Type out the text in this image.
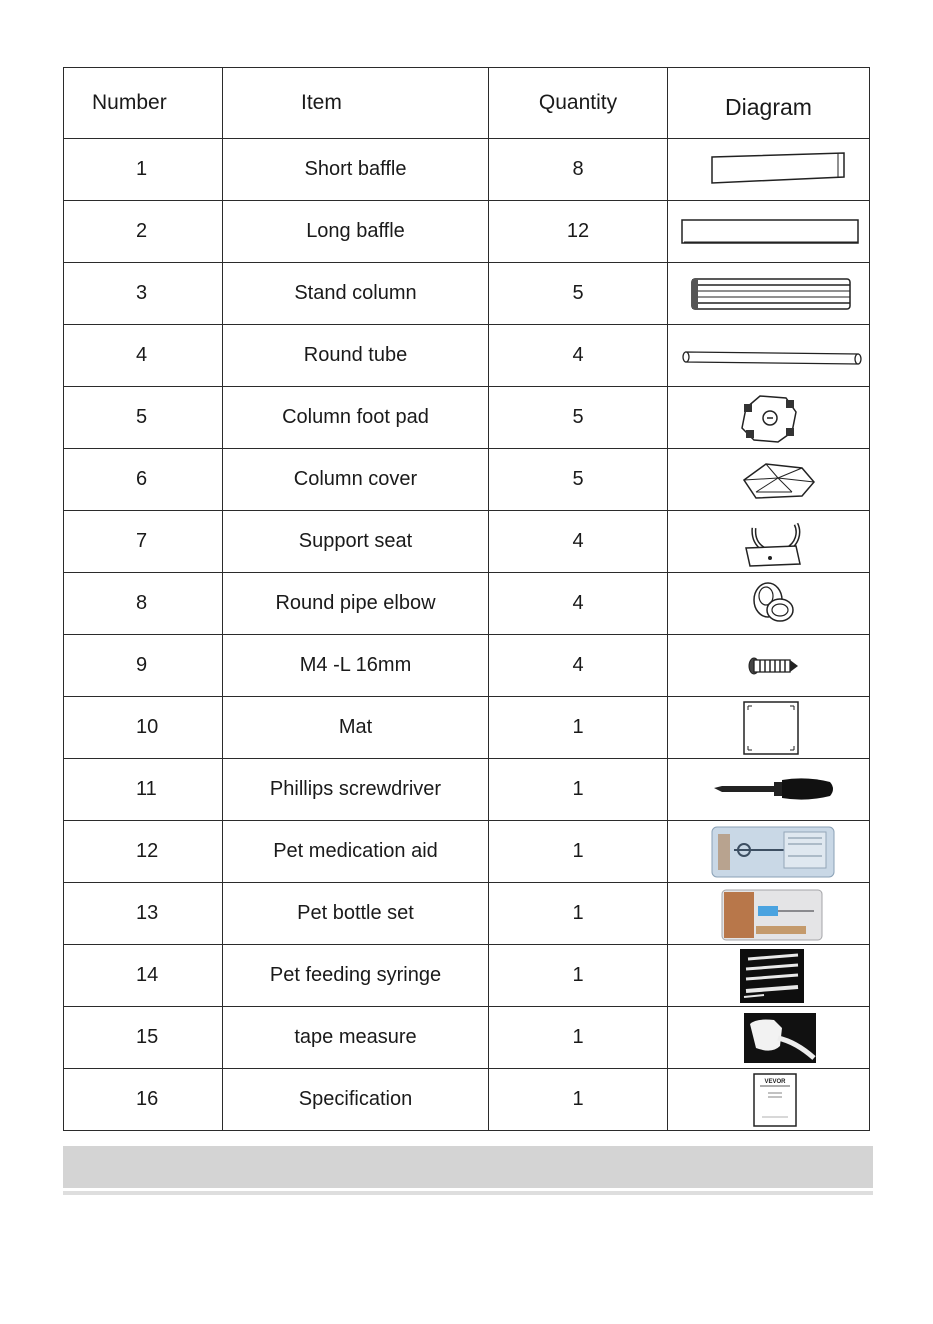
Number	Item	Quantity	Diagram
1	Short baffle	8	

2	Long baffle	12	

3	Stand column	5	

4	Round tube	4	

5	Column foot pad	5	

6	Column cover	5	

7	Support seat	4	

8	Round pipe elbow	4	

9	M4 -L 16mm	4	

10	Mat	1	

11	Phillips screwdriver	1	

12	Pet medication aid	1	

13	Pet bottle set	1	

14	Pet feeding syringe	1	

15	tape measure	1	

16	Specification	1	VEVOR
